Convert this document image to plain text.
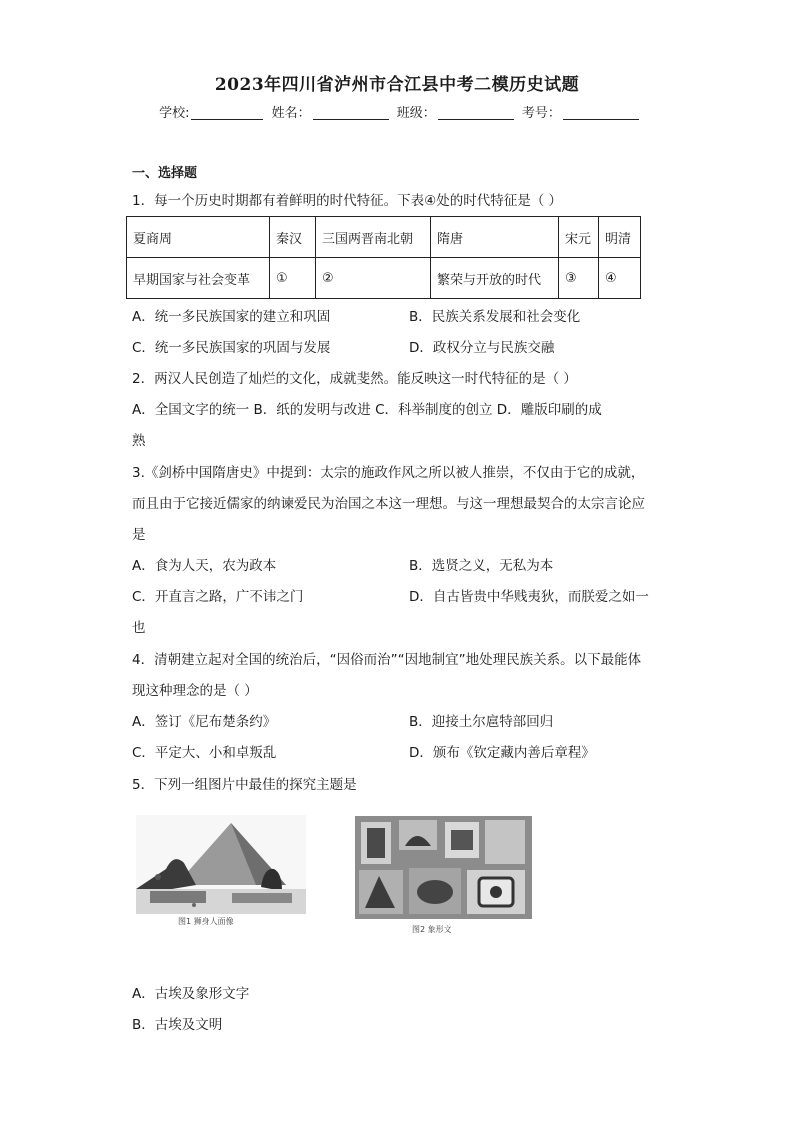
2023年四川省泸州市合江县中考二模历史试题
学校:	姓名：	班级：	考号：
一、选择题
1．每一个历史时期都有着鲜明的时代特征。下表④处的时代特征是（ ）
夏商周	秦汉	三国两晋南北朝	隋唐	宋元	明清
早期国家与社会变革	①	②	繁荣与开放的时代	③	④
A．统一多民族国家的建立和巩固	B．民族关系发展和社会变化
C．统一多民族国家的巩固与发展	D．政权分立与民族交融
2．两汉人民创造了灿烂的文化，成就斐然。能反映这一时代特征的是（ ）
A．全国文字的统一 B．纸的发明与改进 C．科举制度的创立 D．雕版印刷的成
熟
3.《剑桥中国隋唐史》中提到：太宗的施政作风之所以被人推崇，不仅由于它的成就，
而且由于它接近儒家的纳谏爱民为治国之本这一理想。与这一理想最契合的太宗言论应
是
A．食为人天，农为政本	B．选贤之义，无私为本
C．开直言之路，广不讳之门	D．自古皆贵中华贱夷狄，而朕爱之如一
也
4．清朝建立起对全国的统治后，“因俗而治”“因地制宜”地处理民族关系。以下最能体
现这种理念的是（ ）
A．签订《尼布楚条约》	B．迎接土尔扈特部回归
C．平定大、小和卓叛乱	D．颁布《钦定藏内善后章程》
5．下列一组图片中最佳的探究主题是
图1 狮身人面像
图2 象形文
A．古埃及象形文字
B．古埃及文明
